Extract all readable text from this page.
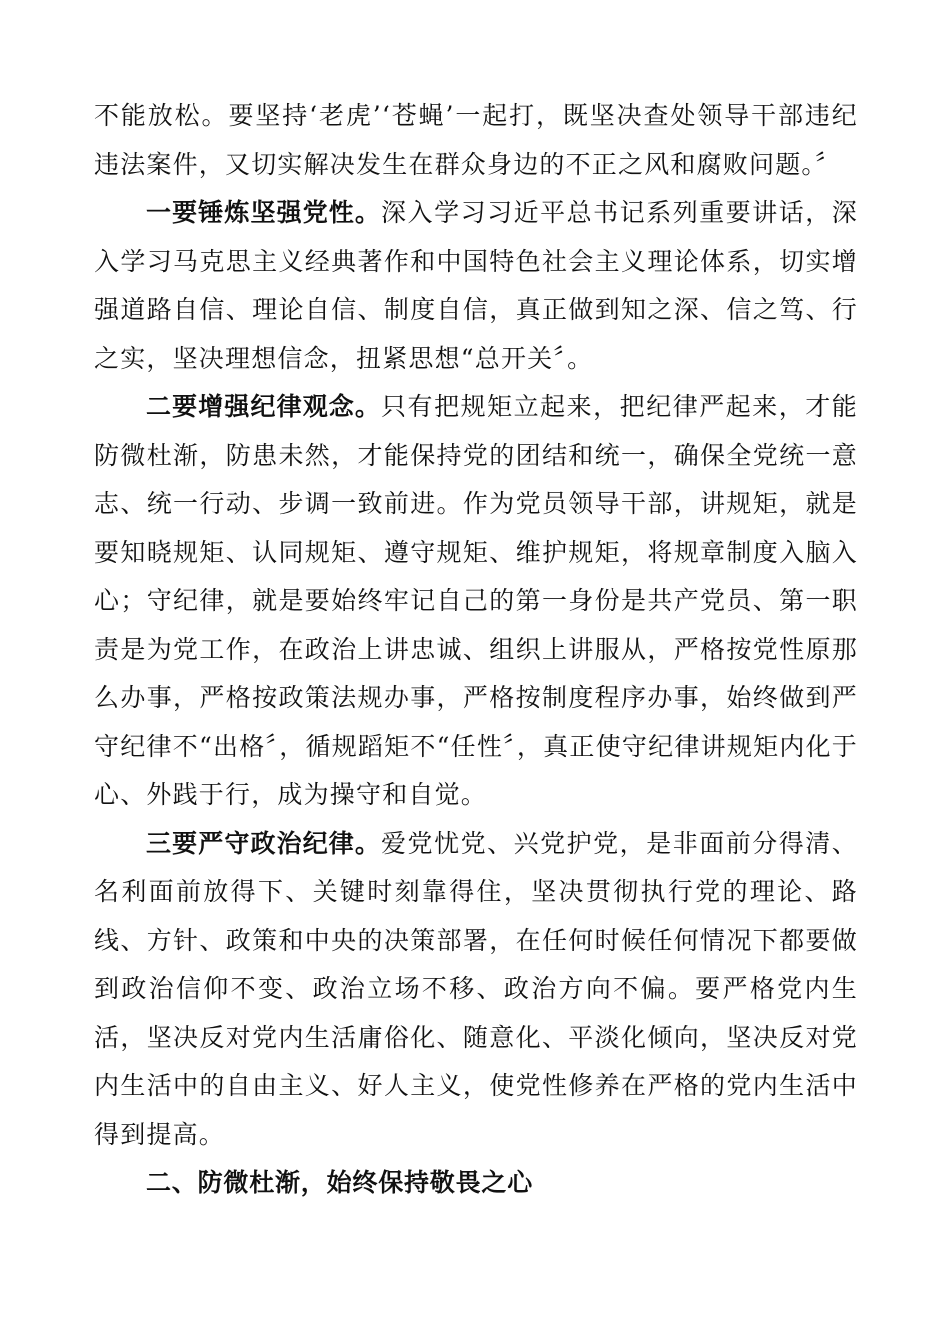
不能放松。要坚持‘老虎’‘苍蝇’一起打，既坚决查处领导干部违纪违法案件，又切实解决发生在群众身边的不正之风和腐败问题。〞

一要锤炼坚强党性。深入学习习近平总书记系列重要讲话，深入学习马克思主义经典著作和中国特色社会主义理论体系，切实增强道路自信、理论自信、制度自信，真正做到知之深、信之笃、行之实，坚决理想信念，扭紧思想“总开关〞。

二要增强纪律观念。只有把规矩立起来，把纪律严起来，才能防微杜渐，防患未然，才能保持党的团结和统一，确保全党统一意志、统一行动、步调一致前进。作为党员领导干部，讲规矩，就是要知晓规矩、认同规矩、遵守规矩、维护规矩，将规章制度入脑入心；守纪律，就是要始终牢记自己的第一身份是共产党员、第一职责是为党工作，在政治上讲忠诚、组织上讲服从，严格按党性原那么办事，严格按政策法规办事，严格按制度程序办事，始终做到严守纪律不“出格〞，循规蹈矩不“任性〞，真正使守纪律讲规矩内化于心、外践于行，成为操守和自觉。

三要严守政治纪律。爱党忧党、兴党护党，是非面前分得清、名利面前放得下、关键时刻靠得住，坚决贯彻执行党的理论、路线、方针、政策和中央的决策部署，在任何时候任何情况下都要做到政治信仰不变、政治立场不移、政治方向不偏。要严格党内生活，坚决反对党内生活庸俗化、随意化、平淡化倾向，坚决反对党内生活中的自由主义、好人主义，使党性修养在严格的党内生活中得到提高。

二、防微杜渐，始终保持敬畏之心
